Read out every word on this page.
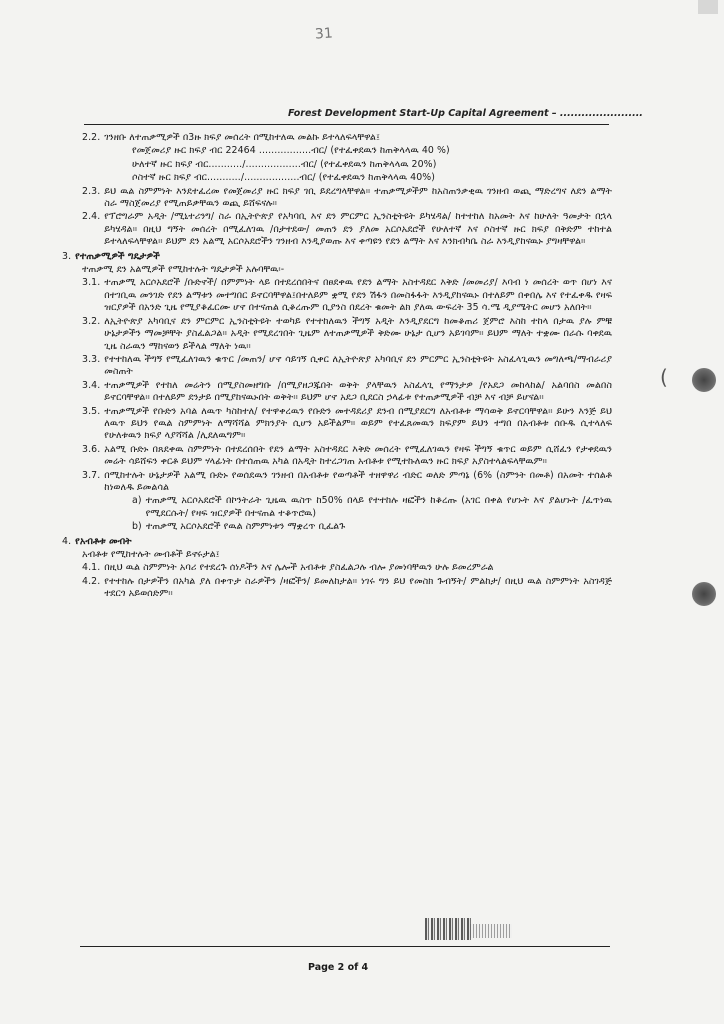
31
Forest Development Start-Up Capital Agreement – .......................
(
2.2. ገንዘቡ ለተጠቃሚዎች በ3ዙ ክፍያ መሰረት በሚከተለዉ መልኩ ይተላለፍላቸዋል፤
የመጀመሪያ ዙር ክፍያ ብር 22464 .................ብር/ (የተፈቀደዉን ከጠቅላላዉ 40 %)
ሁለተኛ ዙር ክፍያ ብር.........../..................ብር/ (የተፈቀደዉን ከጠቅላላዉ 20%)
ሶስተኛ ዙር ክፍያ ብር.........../..................ብር/ (የተፈቀደዉን ከጠቅላላዉ 40%)
2.3. ይህ ዉል ስምምነት እንደተፈረመ የመጀመሪያ ዙር ክፍያ ገቢ ይደረግላቸዋል። ተጠቃሚዎችም ከአስጠንቃቂዉ ገንዘብ ወጪ ማድረግና ለደን ልማት ስራ ማስጀመሪያ የሚጠይቃቸዉን ወጪ ይሸፍናሉ።
2.4. የፕሮግራም አዲት /ሚኒተሪንግ/ ስራ በኢትዮጵያ የአካባቢ እና ደን ምርምር ኢንስቲትዩት ይካሄዳል/ ከተተከለ ከአመት እና ከሁለት ዓመታት በኋላ ይካሄዳል። በዚህ ግኝት መሰረት በሚፈለገዉ /በታተደው/ መጠን ደን ያለመ አርሶአደሮች የሁለተኛ እና ሶስተኛ ዙር ክፍያ በቅድም ተከተል ይተላለፍላቸዋል። ይህም ደን አልሚ አርሶአደሮችን ገንዘብ እንዲያወጡ እና ቀጣዩን የደን ልማት እና እንክብካቤ ስራ እንዲያከናዉኑ ያግዛቸዋል።
3. የተጠቃሚዎች ግዴታዎች
ተጠቃሚ ደን አልሚዎች የሚከተሉት ግዴታዎች አሉባቸዉ፡-
3.1. ተጠቃሚ አርሶአደሮች /ቡድኖች/ በምምነት ላይ በተደረሰበትና በፀደቀዉ የደን ልማት አስተዳደር እቅድ /መመሪያ/ እባብ ነ መሰረት ወጥ በሆነ እና በተገቢዉ መንገድ የደን ልማቱን መተግበር ይኖርባቸዋል፤በተለይም ቋሚ የደን ሽፋን በመስፋፋት እንዲያከናዉኑ በተለይም በቀበሌ እና የተፈቀዱ የዛፍ ዝርያዎች በአንድ ጊዜ የሚያቆፈርሙ ሆኖ በተናጠል ሲቆረጡም ቢያንስ በደረት ቁመት ልክ ያለዉ ውፍረት 35 ሳ.ሜ ዲያሜትር መሆን አለበት።
3.2. ለኢትዮጵያ አካባቢና ደን ምርምር ኢንስቲትዩት ተወካይ የተተከለዉን ችግኝ አዲት እንዲያደርግ ከመቆጠሪ ጀምሮ እስከ ተከላ በታዉ ያሉ ምቹ ሁኔታዎችን ማመቻቸት ያስፈልጋል። አዲት የሚደረገበት ጊዜም ለተጠቃሚዎች ቅድሙ ሁኔታ ሲሆን አይገባም። ይህም ማለት ተቋሙ በራሱ ባቀደዉ ጊዜ ስራዉን ማከናወን ይችላል ማለት ነዉ።
3.3. የተተከለዉ ችግኝ የሚፈለገዉን ቁጥር /መጠን/ ሆኖ ሳይገኝ ሲቀር ለኢትዮጵያ አካባቢና ደን ምርምር ኢንስቲትዩት አስፈላጊዉን መግለጫ/ማብራሪያ መስጠት
3.4. ተጠቃሚዎች የተከለ መሬትን በሚያስመዘግቡ /በሚያዘጋጁበት ወቅት ያላቸዉን አስፈላጊ የማንታዎ /የአደጋ መከላከል/ አልባበስ መልበስ ይኖርባቸዋል። በተለይም ደንታይ በሚያከናዉኑበት ወቅት። ይህም ሆኖ አደጋ ቢደርስ ኃላፊቱ የተጠቃሚዎች ብቻ እና ብቻ ይሆናል።
3.5. ተጠቃሚዎች የቡድን አባል ለዉጥ ካስከተለ/ የተዋቀረዉን የቡድን መተዳደሪያ ደንብ በሚያደርግ ለአብቶቱ ማሳወቅ ይኖርባቸዋል። ይሁን እንጅ ይህ ለዉጥ ይህን የዉል ስምምነት ለማሻሻል ምክንያት ሲሆን አይችልም። ወይም የተፈጸመዉን ክፍያም ይህን ተግበ በአብቶቱ ሰቡዱ ሲተላለፍ የሁለቱዉን ክፍያ ላያሻሻል /ሊደለዉግም።
3.6. አልሚ ቡድኑ በጸደቀዉ ስምምነት በተደረሰበት የደን ልማት አስተዳደር እቅድ መሰረት የሚፈለገዉን የዛፍ ችግኝ ቁጥር ወይም ሲሸፈን የታቀደዉን መሬት ሳይሸፍን ቀርቶ ይህም ሃላፊነት በተሰጠዉ አካል በአዲት ከተረጋገጠ አብቶቱ የሚተኩለዉን ዙር ክፍያ አያስተላልፍላቸዉም።
3.7. በሚከተሉት ሁኔታዎች አልሚ ቡድኑ የወሰደዉን ገንዘብ በአብቶቱ የወጣቶች ተዘዋዋሪ ብድር ወለድ ምጣኔ (6% (ስምንት በመቶ) በአመት ተሰልቶ ከነወለዱ ይመልሳል
a) ተጠቃሚ አርሶአደሮች በኮንትራት ጊዜዉ ዉስጥ ከ50% በላይ የተተከሉ ዛፎችን ከቆረጡ (አገር በቀል የሆኑት እና ያልሆኑት /ፈጥነዉ የሚደርሱት/ የዛፍ ዝርያዎች በተናጠል ተቆጥሮዉ)
b) ተጠቃሚ አርሶአደሮች የዉል ስምምነቱን ማቋረጥ ቢፈልጉ
4. የአብቶቱ መብት
አብቶቱ የሚከተሉት መብቶች ይኖሩታል፤
4.1. በዚህ ዉል ስምምነት አባሪ የተደረጉ ሰነዶችን እና ሌሎች አብቶቱ ያስፈልጋሉ ብሎ ያመነባቸዉን ሁሉ ይመረምራል
4.2. የተተከሉ በታዎችን በአካል ያለ በቀጥታ ስራዎችን /ዛፎችን/ ይመለከታል። ነገሩ ግን ይህ የመስክ ጉብኝት/ ምልከታ/ በዚህ ዉል ስምምነት አስገዳጅ ተደርጎ አይወሰድም።
Page 2 of 4
